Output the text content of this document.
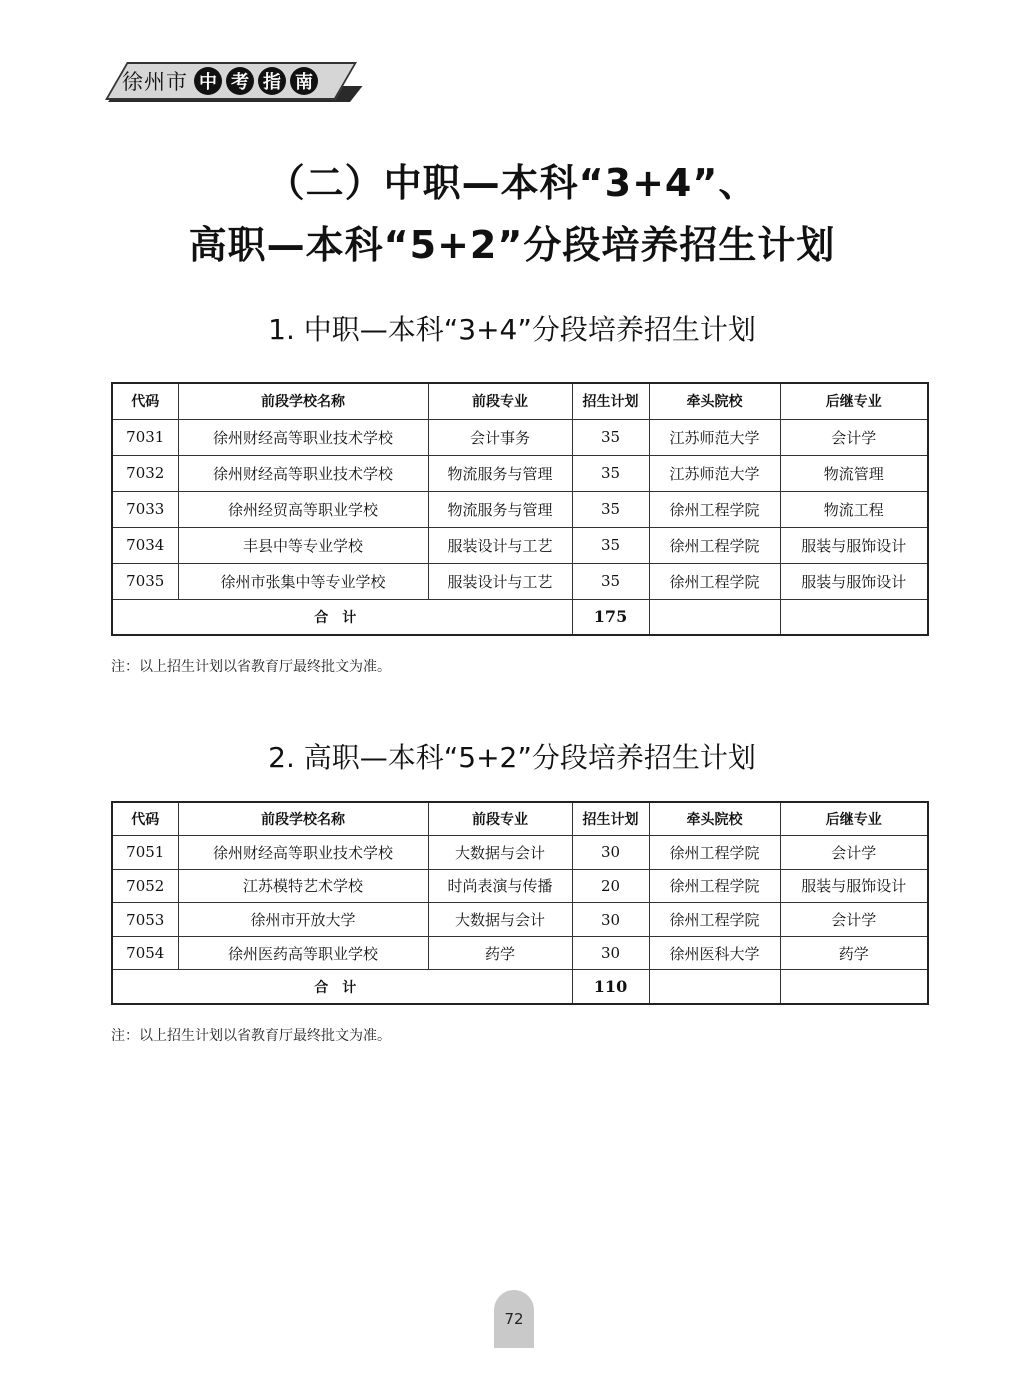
徐州市 中 考 指 南
（二）中职—本科“3+4”、
高职—本科“5+2”分段培养招生计划
1. 中职—本科“3+4”分段培养招生计划
代码	前段学校名称	前段专业	招生计划	牵头院校	后继专业
7031	徐州财经高等职业技术学校	会计事务	35	江苏师范大学	会计学
7032	徐州财经高等职业技术学校	物流服务与管理	35	江苏师范大学	物流管理
7033	徐州经贸高等职业学校	物流服务与管理	35	徐州工程学院	物流工程
7034	丰县中等专业学校	服装设计与工艺	35	徐州工程学院	服装与服饰设计
7035	徐州市张集中等专业学校	服装设计与工艺	35	徐州工程学院	服装与服饰设计
合计			175		
注：以上招生计划以省教育厅最终批文为准。
2. 高职—本科“5+2”分段培养招生计划
代码	前段学校名称	前段专业	招生计划	牵头院校	后继专业
7051	徐州财经高等职业技术学校	大数据与会计	30	徐州工程学院	会计学
7052	江苏模特艺术学校	时尚表演与传播	20	徐州工程学院	服装与服饰设计
7053	徐州市开放大学	大数据与会计	30	徐州工程学院	会计学
7054	徐州医药高等职业学校	药学	30	徐州医科大学	药学
合计			110		
注：以上招生计划以省教育厅最终批文为准。
72
